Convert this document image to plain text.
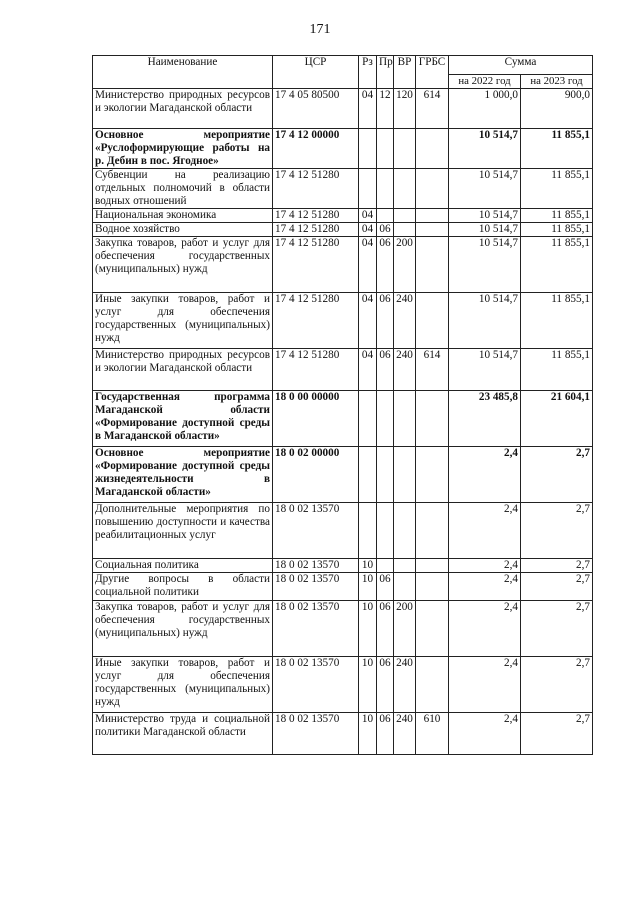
171
Наименование	ЦСР	Рз	Пр	ВР	ГРБС	Сумма	
						на 2022 год	на 2023 год
Министерство природных ресурсов и экологии Магаданской области	17 4 05 80500	04	12	120	614	1 000,0	900,0
Основное мероприятие «Руслоформирующие работы на р. Дебин в пос. Ягодное»	17 4 12 00000					10 514,7	11 855,1
Субвенции на реализацию отдельных полномочий в области водных отношений	17 4 12 51280					10 514,7	11 855,1
Национальная экономика	17 4 12 51280	04				10 514,7	11 855,1
Водное хозяйство	17 4 12 51280	04	06			10 514,7	11 855,1
Закупка товаров, работ и услуг для обеспечения государственных (муниципальных) нужд	17 4 12 51280	04	06	200		10 514,7	11 855,1
Иные закупки товаров, работ и услуг для обеспечения государственных (муниципальных) нужд	17 4 12 51280	04	06	240		10 514,7	11 855,1
Министерство природных ресурсов и экологии Магаданской области	17 4 12 51280	04	06	240	614	10 514,7	11 855,1
Государственная программа Магаданской области «Формирование доступной среды в Магаданской области»	18 0 00 00000					23 485,8	21 604,1
Основное мероприятие «Формирование доступной среды жизнедеятельности в Магаданской области»	18 0 02 00000					2,4	2,7
Дополнительные мероприятия по повышению доступности и качества реабилитационных услуг	18 0 02 13570					2,4	2,7
Социальная политика	18 0 02 13570	10				2,4	2,7
Другие вопросы в области социальной политики	18 0 02 13570	10	06			2,4	2,7
Закупка товаров, работ и услуг для обеспечения государственных (муниципальных) нужд	18 0 02 13570	10	06	200		2,4	2,7
Иные закупки товаров, работ и услуг для обеспечения государственных (муниципальных) нужд	18 0 02 13570	10	06	240		2,4	2,7
Министерство труда и социальной политики Магаданской области	18 0 02 13570	10	06	240	610	2,4	2,7
